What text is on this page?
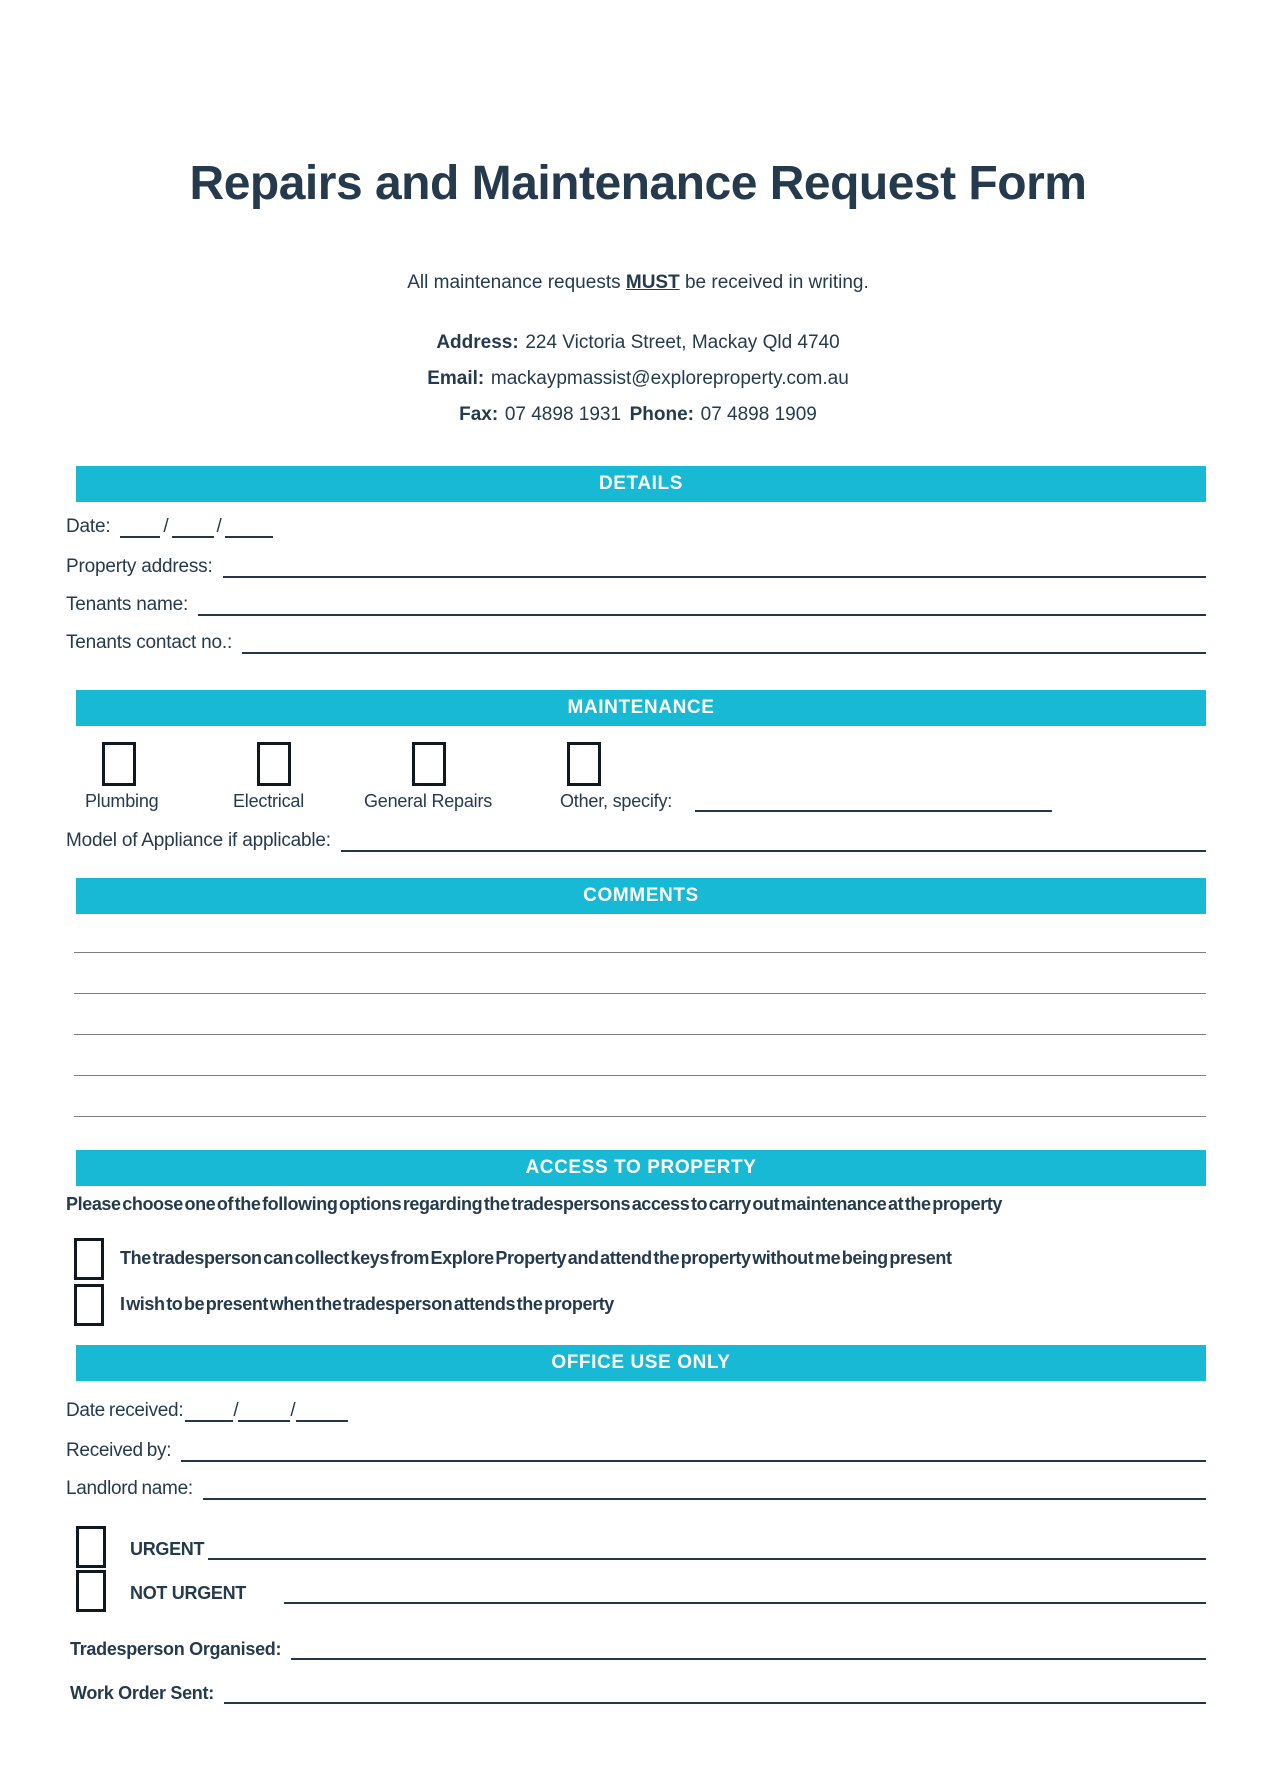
Repairs and Maintenance Request Form

All maintenance requests MUST be received in writing.

Address: 224 Victoria Street, Mackay Qld 4740

Email: mackaypmassist@exploreproperty.com.au

Fax: 07 4898 1931 Phone: 07 4898 1909

DETAILS
Date:	/	/
Property address:
Tenants name:
Tenants contact no.:
MAINTENANCE
Plumbing	Electrical	General Repairs	Other, specify:
Model of Appliance if applicable:
COMMENTS
ACCESS TO PROPERTY

Please choose one of the following options regarding the tradespersons access to carry out maintenance at the property

The tradesperson can collect keys from Explore Property and attend the property without me being present
I wish to be present when the tradesperson attends the property
OFFICE USE ONLY
Date received:	/	/
Received by:
Landlord name:
URGENT
NOT URGENT
Tradesperson Organised:
Work Order Sent:
